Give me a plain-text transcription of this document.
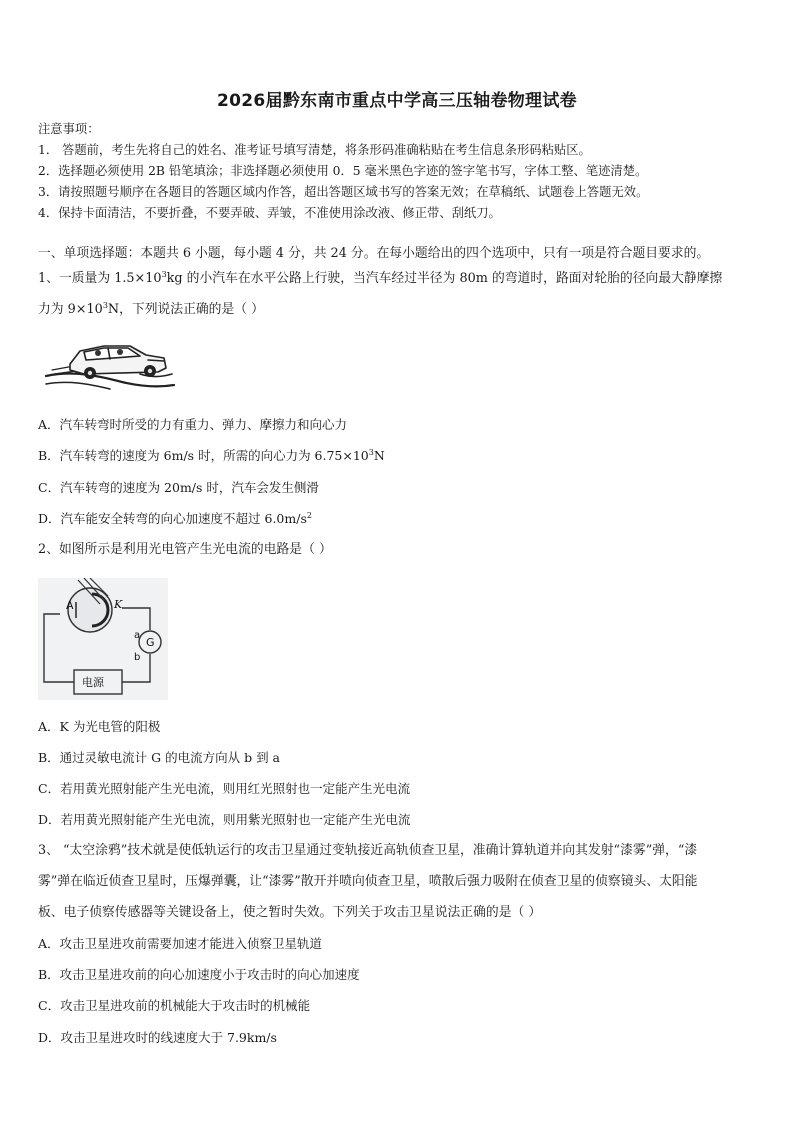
2026届黔东南市重点中学高三压轴卷物理试卷
注意事项：
1． 答题前，考生先将自己的姓名、准考证号填写清楚，将条形码准确粘贴在考生信息条形码粘贴区。
2．选择题必须使用 2B 铅笔填涂；非选择题必须使用 0．5 毫米黑色字迹的签字笔书写，字体工整、笔迹清楚。
3．请按照题号顺序在各题目的答题区域内作答，超出答题区域书写的答案无效；在草稿纸、试题卷上答题无效。
4．保持卡面清洁，不要折叠，不要弄破、弄皱，不准使用涂改液、修正带、刮纸刀。
一、单项选择题：本题共 6 小题，每小题 4 分，共 24 分。在每小题给出的四个选项中，只有一项是符合题目要求的。
1、一质量为 $1.5\times 10^3kg$ 的小汽车在水平公路上行驶，当汽车经过半径为 80m 的弯道时，路面对轮胎的径向最大静摩擦
力为 $9\times 10^3N$，下列说法正确的是（ ）
A．汽车转弯时所受的力有重力、弹力、摩擦力和向心力
B．汽车转弯的速度为 6m/s 时，所需的向心力为 $6.75\times 10^3N$
C．汽车转弯的速度为 20m/s 时，汽车会发生侧滑
D．汽车能安全转弯的向心加速度不超过 $6.0m/s^2$
2、如图所示是利用光电管产生光电流的电路是（ ）
A	K
G
a
b
电源
A．K 为光电管的阳极
B．通过灵敏电流计 G 的电流方向从 b 到 a
C．若用黄光照射能产生光电流，则用红光照射也一定能产生光电流
D．若用黄光照射能产生光电流，则用紫光照射也一定能产生光电流
3、 “太空涂鸦”技术就是使低轨运行的攻击卫星通过变轨接近高轨侦查卫星，准确计算轨道并向其发射“漆雾”弹，“漆
雾”弹在临近侦查卫星时，压爆弹囊，让“漆雾”散开并喷向侦查卫星，喷散后强力吸附在侦查卫星的侦察镜头、太阳能
板、电子侦察传感器等关键设备上，使之暂时失效。下列关于攻击卫星说法正确的是（ ）
A．攻击卫星进攻前需要加速才能进入侦察卫星轨道
B．攻击卫星进攻前的向心加速度小于攻击时的向心加速度
C．攻击卫星进攻前的机械能大于攻击时的机械能
D．攻击卫星进攻时的线速度大于 7.9km/s
